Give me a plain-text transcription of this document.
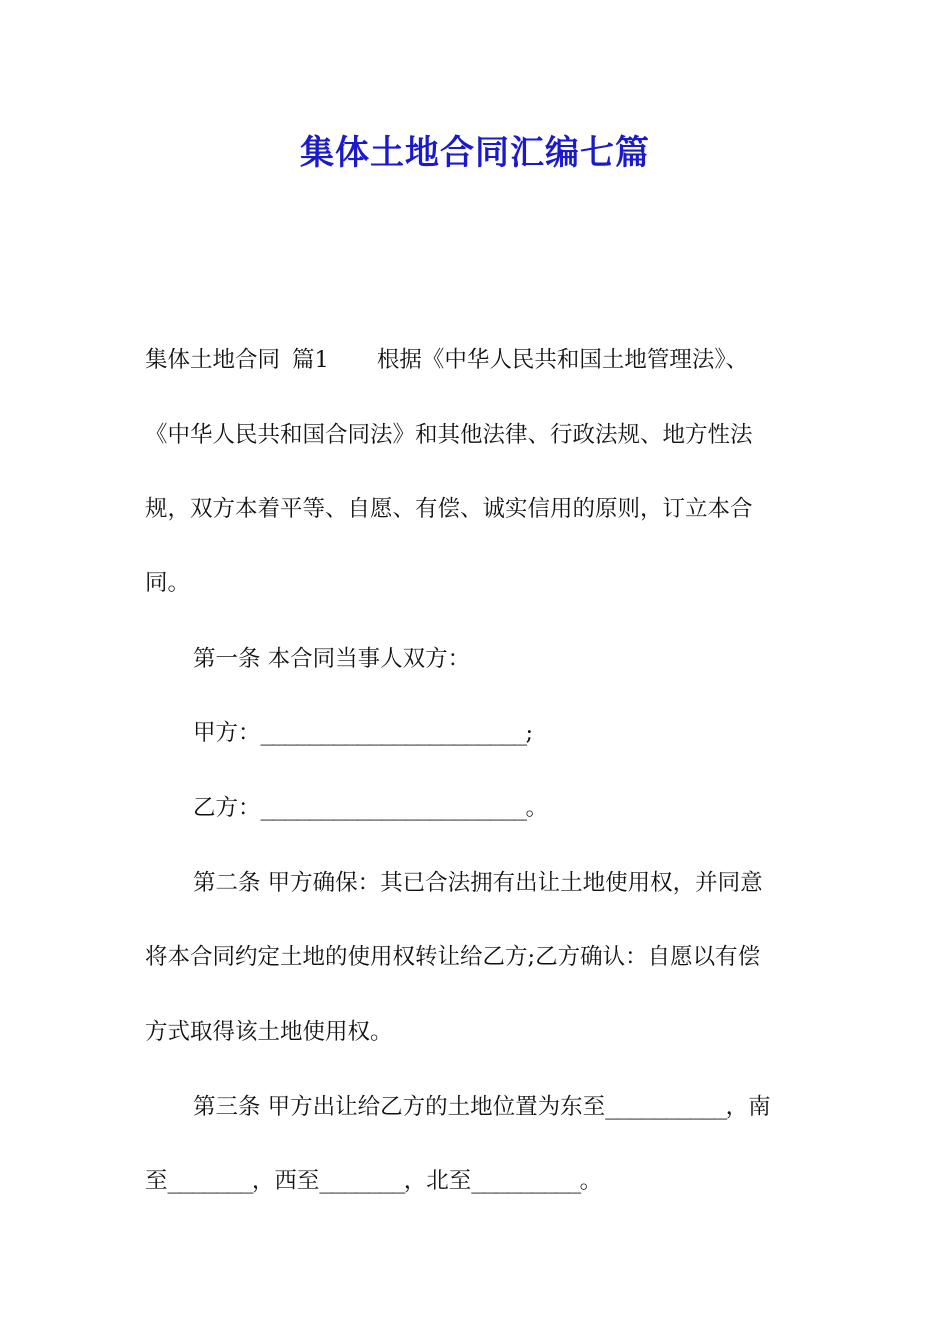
集体土地合同汇编七篇

集体土地合同 篇1 根据《中华人民共和国土地管理法》、

《中华人民共和国合同法》和其他法律、行政法规、地方性法

规，双方本着平等、自愿、有偿、诚实信用的原则，订立本合

同。

第一条 本合同当事人双方：

甲方：______________________;

乙方：______________________。

第二条 甲方确保：其已合法拥有出让土地使用权，并同意

将本合同约定土地的使用权转让给乙方;乙方确认：自愿以有偿

方式取得该土地使用权。

第三条 甲方出让给乙方的土地位置为东至__________，南

至_______，西至_______，北至_________。
